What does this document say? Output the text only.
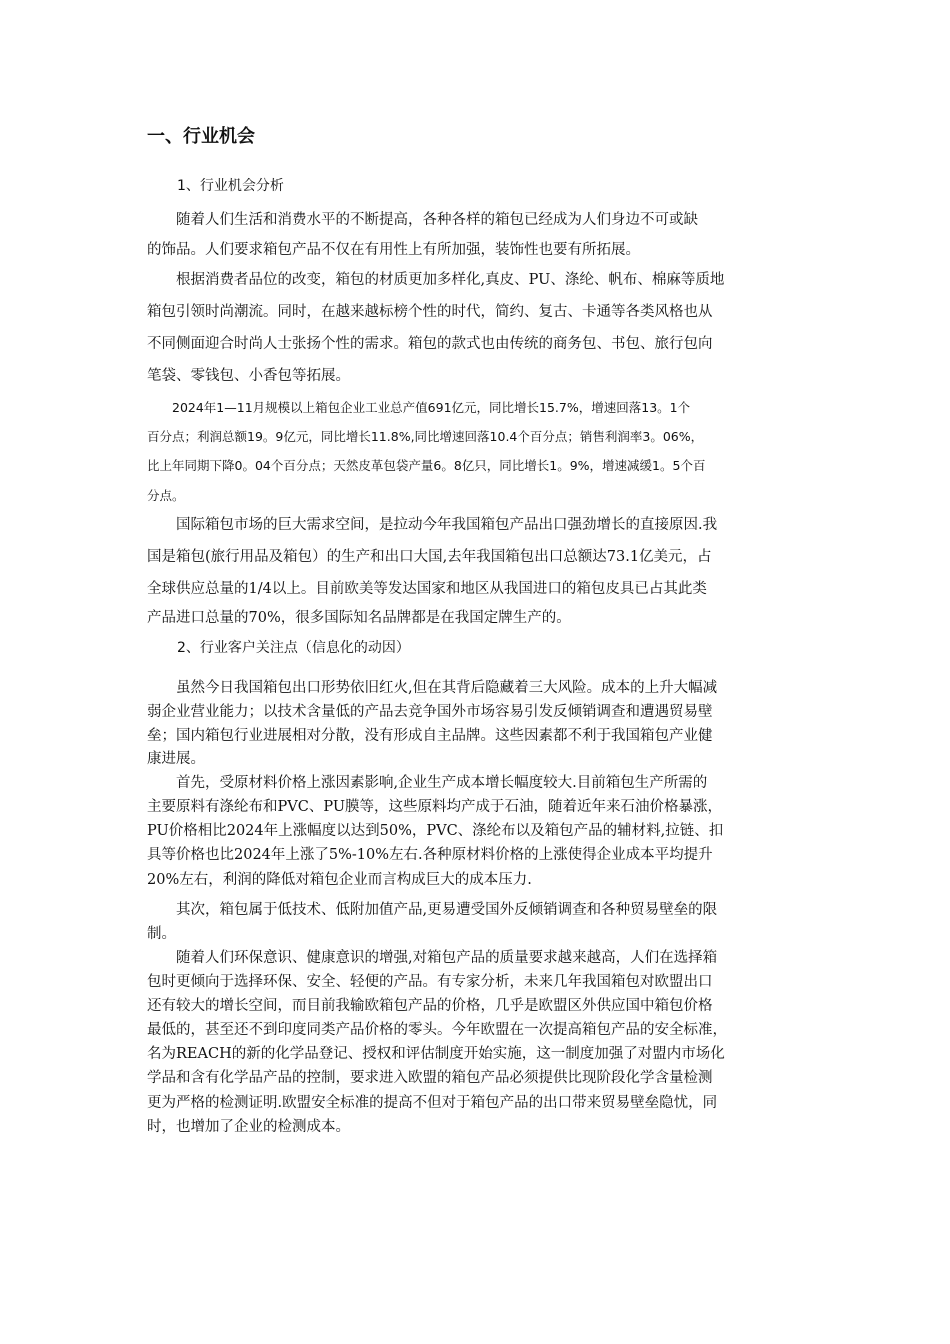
一、行业机会
1、行业机会分析
　　随着人们生活和消费水平的不断提高，各种各样的箱包已经成为人们身边不可或缺
的饰品。人们要求箱包产品不仅在有用性上有所加强，装饰性也要有所拓展。
　　根据消费者品位的改变，箱包的材质更加多样化,真皮、PU、涤纶、帆布、棉麻等质地
箱包引领时尚潮流。同时，在越来越标榜个性的时代，简约、复古、卡通等各类风格也从
不同侧面迎合时尚人士张扬个性的需求。箱包的款式也由传统的商务包、书包、旅行包向
笔袋、零钱包、小香包等拓展。
　　2024年1—11月规模以上箱包企业工业总产值691亿元，同比增长15.7%，增速回落13。1个
百分点；利润总额19。9亿元，同比增长11.8%,同比增速回落10.4个百分点；销售利润率3。06%，
比上年同期下降0。04个百分点；天然皮革包袋产量6。8亿只，同比增长1。9%，增速减缓1。5个百
分点。
　　国际箱包市场的巨大需求空间，是拉动今年我国箱包产品出口强劲增长的直接原因.我
国是箱包(旅行用品及箱包）的生产和出口大国,去年我国箱包出口总额达73.1亿美元，占
全球供应总量的1/4以上。目前欧美等发达国家和地区从我国进口的箱包皮具已占其此类
产品进口总量的70%，很多国际知名品牌都是在我国定牌生产的。
2、行业客户关注点（信息化的动因）
　　虽然今日我国箱包出口形势依旧红火,但在其背后隐藏着三大风险。成本的上升大幅减
弱企业营业能力；以技术含量低的产品去竞争国外市场容易引发反倾销调查和遭遇贸易壁
垒；国内箱包行业进展相对分散，没有形成自主品牌。这些因素都不利于我国箱包产业健
康进展。
　　首先，受原材料价格上涨因素影响,企业生产成本增长幅度较大.目前箱包生产所需的
主要原料有涤纶布和PVC、PU膜等，这些原料均产成于石油，随着近年来石油价格暴涨，
PU价格相比2024年上涨幅度以达到50%，PVC、涤纶布以及箱包产品的辅材料,拉链、扣
具等价格也比2024年上涨了5%-10%左右.各种原材料价格的上涨使得企业成本平均提升
20%左右，利润的降低对箱包企业而言构成巨大的成本压力.
　　其次，箱包属于低技术、低附加值产品,更易遭受国外反倾销调查和各种贸易壁垒的限
制。
　　随着人们环保意识、健康意识的增强,对箱包产品的质量要求越来越高，人们在选择箱
包时更倾向于选择环保、安全、轻便的产品。有专家分析，未来几年我国箱包对欧盟出口
还有较大的增长空间，而目前我输欧箱包产品的价格，几乎是欧盟区外供应国中箱包价格
最低的，甚至还不到印度同类产品价格的零头。今年欧盟在一次提高箱包产品的安全标准，
名为REACH的新的化学品登记、授权和评估制度开始实施，这一制度加强了对盟内市场化
学品和含有化学品产品的控制，要求进入欧盟的箱包产品必须提供比现阶段化学含量检测
更为严格的检测证明.欧盟安全标准的提高不但对于箱包产品的出口带来贸易壁垒隐忧，同
时，也增加了企业的检测成本。
